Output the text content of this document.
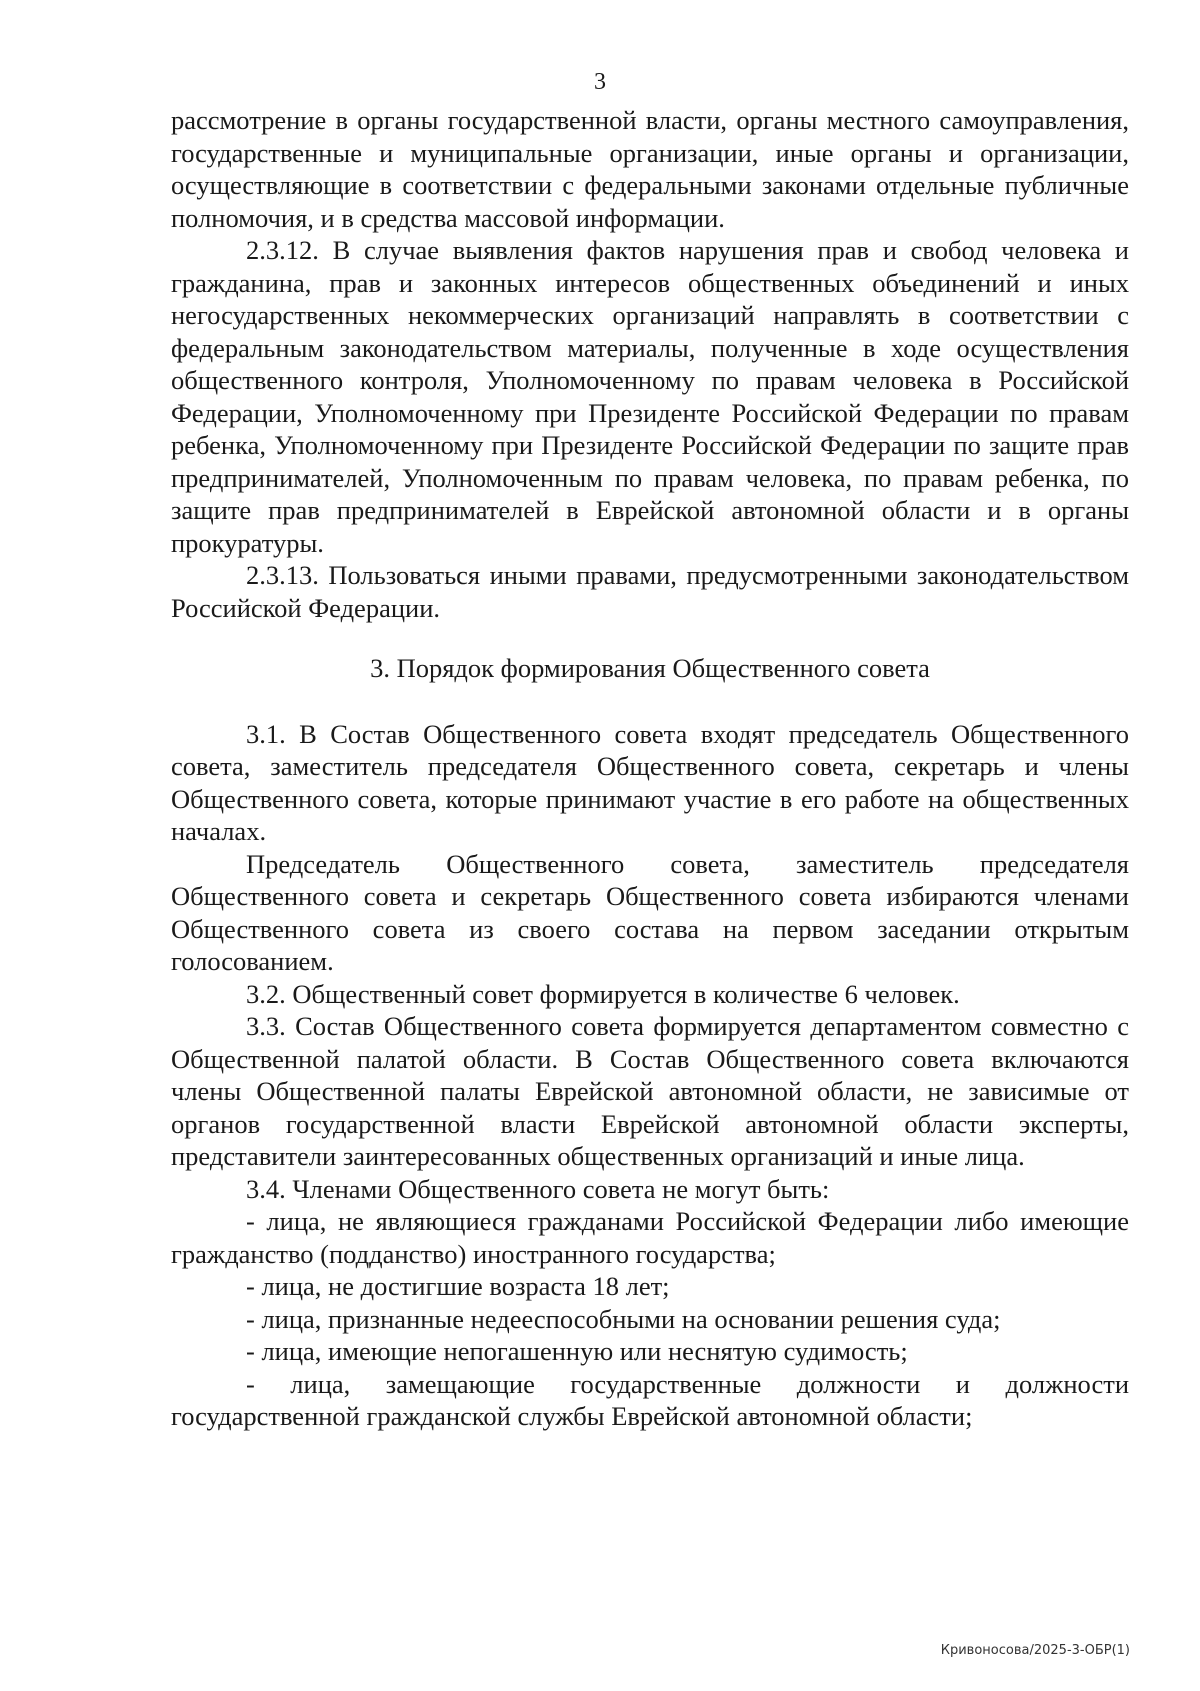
3

рассмотрение в органы государственной власти, органы местного самоуправления, государственные и муниципальные организации, иные органы и организации, осуществляющие в соответствии с федеральными законами отдельные публичные полномочия, и в средства массовой информации.

2.3.12. В случае выявления фактов нарушения прав и свобод человека и гражданина, прав и законных интересов общественных объединений и иных негосударственных некоммерческих организаций направлять в соответствии с федеральным законодательством материалы, полученные в ходе осуществления общественного контроля, Уполномоченному по правам человека в Российской Федерации, Уполномоченному при Президенте Российской Федерации по правам ребенка, Уполномоченному при Президенте Российской Федерации по защите прав предпринимателей, Уполномоченным по правам человека, по правам ребенка, по защите прав предпринимателей в Еврейской автономной области и в органы прокуратуры.

2.3.13. Пользоваться иными правами, предусмотренными законодательством Российской Федерации.

3. Порядок формирования Общественного совета

3.1. В Состав Общественного совета входят председатель Общественного совета, заместитель председателя Общественного совета, секретарь и члены Общественного совета, которые принимают участие в его работе на общественных началах.

Председатель Общественного совета, заместитель председателя Общественного совета и секретарь Общественного совета избираются членами Общественного совета из своего состава на первом заседании открытым голосованием.

3.2. Общественный совет формируется в количестве 6 человек.

3.3. Состав Общественного совета формируется департаментом совместно с Общественной палатой области. В Состав Общественного совета включаются члены Общественной палаты Еврейской автономной области, не зависимые от органов государственной власти Еврейской автономной области эксперты, представители заинтересованных общественных организаций и иные лица.

3.4. Членами Общественного совета не могут быть:

- лица, не являющиеся гражданами Российской Федерации либо имеющие гражданство (подданство) иностранного государства;

- лица, не достигшие возраста 18 лет;

- лица, признанные недееспособными на основании решения суда;

- лица, имеющие непогашенную или неснятую судимость;

- лица, замещающие государственные должности и должности государственной гражданской службы Еврейской автономной области;

Кривоносова/2025-3-ОБР(1)
